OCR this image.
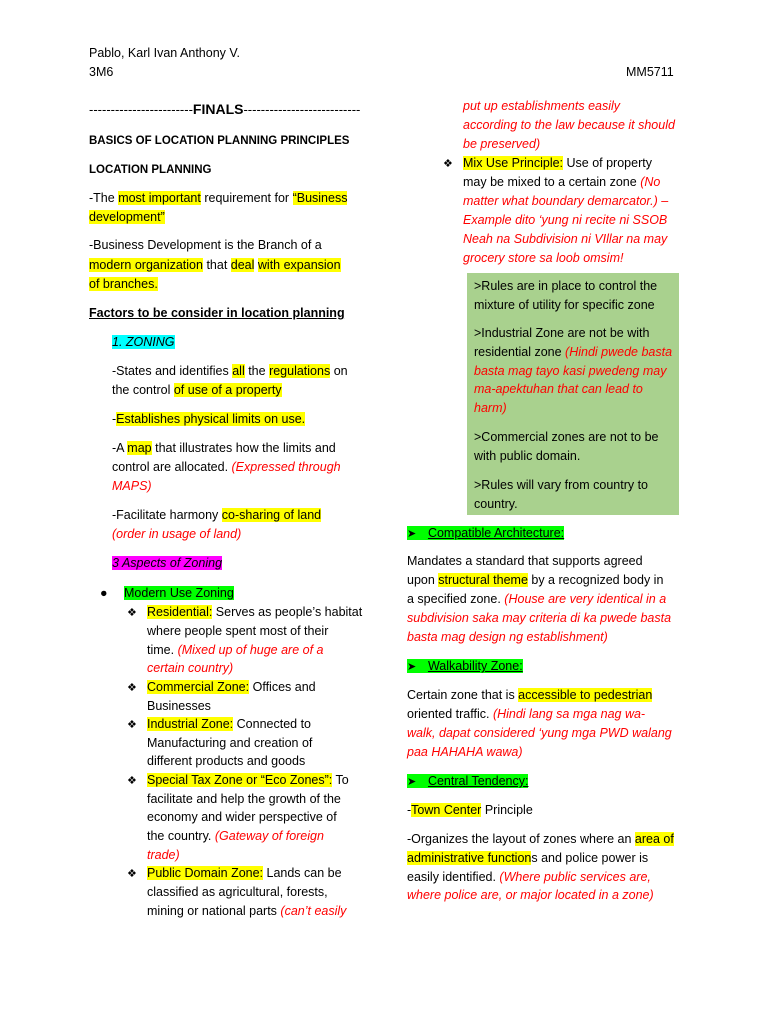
Pablo, Karl Ivan Anthony V.
3M6	MM5711
------------------------FINALS---------------------------
BASICS OF LOCATION PLANNING PRINCIPLES
LOCATION PLANNING
-The most important requirement for “Business
development”
-Business Development is the Branch of a
modern organization that deal with expansion
of branches.
Factors to be consider in location planning
1. ZONING
-States and identifies all the regulations on
the control of use of a property
-Establishes physical limits on use.
-A map that illustrates how the limits and
control are allocated. (Expressed through
MAPS)
-Facilitate harmony co-sharing of land
(order in usage of land)
3 Aspects of Zoning
● Modern Use Zoning
❖ Residential: Serves as people’s habitat
where people spent most of their
time. (Mixed up of huge are of a
certain country)
❖ Commercial Zone: Offices and
Businesses
❖ Industrial Zone: Connected to
Manufacturing and creation of
different products and goods
❖ Special Tax Zone or “Eco Zones”: To
facilitate and help the growth of the
economy and wider perspective of
the country. (Gateway of foreign
trade)
❖ Public Domain Zone: Lands can be
classified as agricultural, forests,
mining or national parts (can’t easily
put up establishments easily
according to the law because it should
be preserved)
❖ Mix Use Principle: Use of property
may be mixed to a certain zone (No
matter what boundary demarcator.) –
Example dito ‘yung ni recite ni SSOB
Neah na Subdivision ni VIllar na may
grocery store sa loob omsim!
>Rules are in place to control the
mixture of utility for specific zone
>Industrial Zone are not be with
residential zone (Hindi pwede basta
basta mag tayo kasi pwedeng may
ma-apektuhan that can lead to
harm)
>Commercial zones are not to be
with public domain.
>Rules will vary from country to
country.
➤ Compatible Architecture:
Mandates a standard that supports agreed
upon structural theme by a recognized body in
a specified zone. (House are very identical in a
subdivision saka may criteria di ka pwede basta
basta mag design ng establishment)
➤ Walkability Zone:
Certain zone that is accessible to pedestrian
oriented traffic. (Hindi lang sa mga nag wa-
walk, dapat considered ‘yung mga PWD walang
paa HAHAHA wawa)
➤ Central Tendency:
-Town Center Principle
-Organizes the layout of zones where an area of
administrative functions and police power is
easily identified. (Where public services are,
where police are, or major located in a zone)
